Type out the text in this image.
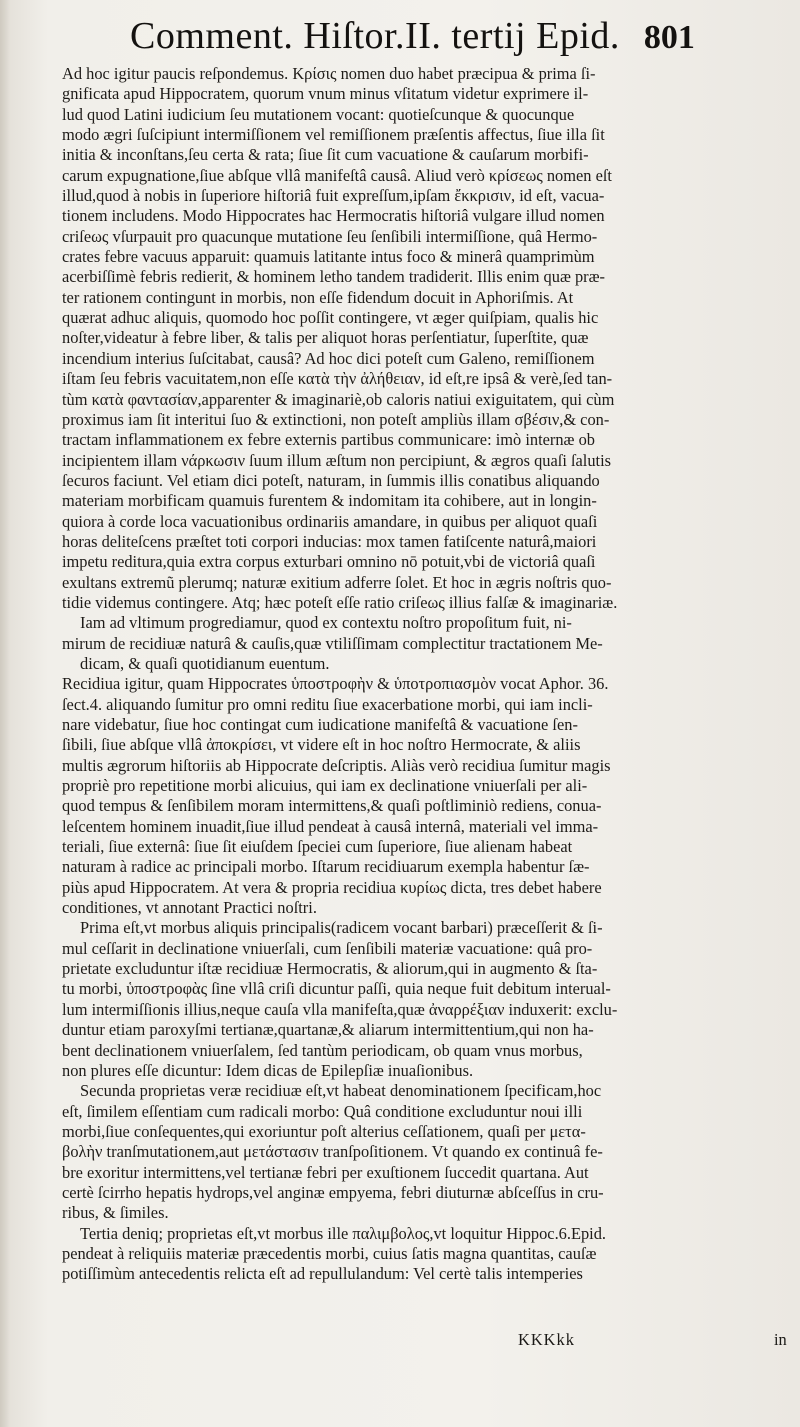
Comment. Hiſtor.II. tertij Epid. 801
Ad hoc igitur paucis reſpondemus. Κρίσις nomen duo habet præcipua & prima ſi-
gnificata apud Hippocratem, quorum vnum minus vſitatum videtur exprimere il-
lud quod Latini iudicium ſeu mutationem vocant: quotieſcunque & quocunque
modo ægri ſuſcipiunt intermiſſionem vel remiſſionem præſentis affectus, ſiue illa ſit
initia & inconſtans,ſeu certa & rata; ſiue ſit cum vacuatione & cauſarum morbifi-
carum expugnatione,ſiue abſque vllâ manifeſtâ causâ. Aliud verò κρίσεως nomen eſt
illud,quod à nobis in ſuperiore hiſtoriâ fuit expreſſum,ipſam ἔκκρισιν, id eſt, vacua-
tionem includens. Modo Hippocrates hac Hermocratis hiſtoriâ vulgare illud nomen
criſeως vſurpauit pro quacunque mutatione ſeu ſenſibili intermiſſione, quâ Hermo-
crates febre vacuus apparuit: quamuis latitante intus foco & minerâ quamprimùm
acerbiſſimè febris redierit, & hominem letho tandem tradiderit. Illis enim quæ præ-
ter rationem contingunt in morbis, non eſſe fidendum docuit in Aphoriſmis. At
quærat adhuc aliquis, quomodo hoc poſſit contingere, vt æger quiſpiam, qualis hic
noſter,videatur à febre liber, & talis per aliquot horas perſentiatur, ſuperſtite, quæ
incendium interius ſuſcitabat, causâ? Ad hoc dici poteſt cum Galeno, remiſſionem
iſtam ſeu febris vacuitatem,non eſſe κατὰ τὴν ἀλήθειαν, id eſt,re ipsâ & verè,ſed tan-
tùm κατὰ φαντασίαν,apparenter & imaginariè,ob caloris natiui exiguitatem, qui cùm
proximus iam ſit interitui ſuo & extinctioni, non poteſt ampliùs illam σβέσιν,& con-
tractam inflammationem ex febre externis partibus communicare: imò internæ ob
incipientem illam νάρκωσιν ſuum illum æſtum non percipiunt, & ægros quaſi ſalutis
ſecuros faciunt. Vel etiam dici poteſt, naturam, in ſummis illis conatibus aliquando
materiam morbificam quamuis furentem & indomitam ita cohibere, aut in longin-
quiora à corde loca vacuationibus ordinariis amandare, in quibus per aliquot quaſi
horas deliteſcens præſtet toti corpori inducias: mox tamen fatiſcente naturâ,maiori
impetu reditura,quia extra corpus exturbari omnino nō potuit,vbi de victoriâ quaſi
exultans extremũ plerumq; naturæ exitium adferre ſolet. Et hoc in ægris noſtris quo-
tidie videmus contingere. Atq; hæc poteſt eſſe ratio criſeως illius falſæ & imaginariæ.
Iam ad vltimum progrediamur, quod ex contextu noſtro propoſitum fuit, ni-
mirum de recidiuæ naturâ & cauſis,quæ vtiliſſimam complectitur tractationem Me-
dicam, & quaſi quotidianum euentum.
Recidiua igitur, quam Hippocrates ὑποστροφὴν & ὑποτροπιασμὸν vocat Aphor. 36.
ſect.4. aliquando ſumitur pro omni reditu ſiue exacerbatione morbi, qui iam incli-
nare videbatur, ſiue hoc contingat cum iudicatione manifeſtâ & vacuatione ſen-
ſibili, ſiue abſque vllâ ἀποκρίσει, vt videre eſt in hoc noſtro Hermocrate, & aliis
multis ægrorum hiſtoriis ab Hippocrate deſcriptis. Aliàs verò recidiua ſumitur magis
propriè pro repetitione morbi alicuius, qui iam ex declinatione vniuerſali per ali-
quod tempus & ſenſibilem moram intermittens,& quaſi poſtliminiò rediens, conua-
leſcentem hominem inuadit,ſiue illud pendeat à causâ internâ, materiali vel imma-
teriali, ſiue externâ: ſiue ſit eiuſdem ſpeciei cum ſuperiore, ſiue alienam habeat
naturam à radice ac principali morbo. Iſtarum recidiuarum exempla habentur ſæ-
piùs apud Hippocratem. At vera & propria recidiua κυρίως dicta, tres debet habere
conditiones, vt annotant Practici noſtri.
Prima eſt,vt morbus aliquis principalis(radicem vocant barbari) præceſſerit & ſi-
mul ceſſarit in declinatione vniuerſali, cum ſenſibili materiæ vacuatione: quâ pro-
prietate excluduntur iſtæ recidiuæ Hermocratis, & aliorum,qui in augmento & ſta-
tu morbi, ὑποστροφὰς ſine vllâ criſi dicuntur paſſi, quia neque fuit debitum interual-
lum intermiſſionis illius,neque cauſa vlla manifeſta,quæ ἀναρρέξιαν induxerit: exclu-
duntur etiam paroxyſmi tertianæ,quartanæ,& aliarum intermittentium,qui non ha-
bent declinationem vniuerſalem, ſed tantùm periodicam, ob quam vnus morbus,
non plures eſſe dicuntur: Idem dicas de Epilepſiæ inuaſionibus.
Secunda proprietas veræ recidiuæ eſt,vt habeat denominationem ſpecificam,hoc
eſt, ſimilem eſſentiam cum radicali morbo: Quâ conditione excluduntur noui illi
morbi,ſiue conſequentes,qui exoriuntur poſt alterius ceſſationem, quaſi per μετα-
βολὴν tranſmutationem,aut μετάστασιν tranſpoſitionem. Vt quando ex continuâ fe-
bre exoritur intermittens,vel tertianæ febri per exuſtionem ſuccedit quartana. Aut
certè ſcirrho hepatis hydrops,vel anginæ empyema, febri diuturnæ abſceſſus in cru-
ribus, & ſimiles.
Tertia deniq; proprietas eſt,vt morbus ille παλιμβολος,vt loquitur Hippoc.6.Epid.
pendeat à reliquiis materiæ præcedentis morbi, cuius ſatis magna quantitas, cauſæ
potiſſimùm antecedentis relicta eſt ad repullulandum: Vel certè talis intemperies
KKKkk	in
